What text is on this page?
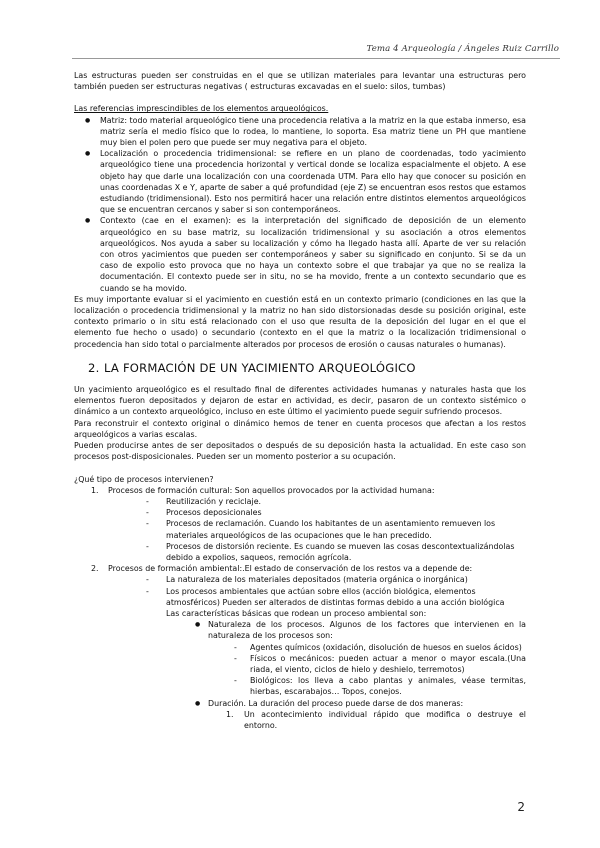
Tema 4 Arqueología / Ángeles Ruiz Carrillo

Las estructuras pueden ser construidas en el que se utilizan materiales para levantar una estructuras pero también pueden ser estructuras negativas ( estructuras excavadas en el suelo: silos, tumbas)

Las referencias imprescindibles de los elementos arqueológicos.

● Matriz: todo material arqueológico tiene una procedencia relativa a la matriz en la que estaba inmerso, esa matriz sería el medio físico que lo rodea, lo mantiene, lo soporta. Esa matriz tiene un PH que mantiene muy bien el polen pero que puede ser muy negativa para el objeto.
● Localización o procedencia tridimensional: se refiere en un plano de coordenadas, todo yacimiento arqueológico tiene una procedencia horizontal y vertical donde se localiza espacialmente el objeto. A ese objeto hay que darle una localización con una coordenada UTM. Para ello hay que conocer su posición en unas coordenadas X e Y, aparte de saber a qué profundidad (eje Z) se encuentran esos restos que estamos estudiando (tridimensional). Esto nos permitirá hacer una relación entre distintos elementos arqueológicos que se encuentran cercanos y saber si son contemporáneos.
● Contexto (cae en el examen): es la interpretación del significado de deposición de un elemento arqueológico en su base matriz, su localización tridimensional y su asociación a otros elementos arqueológicos. Nos ayuda a saber su localización y cómo ha llegado hasta allí. Aparte de ver su relación con otros yacimientos que pueden ser contemporáneos y saber su significado en conjunto. Si se da un caso de expolio esto provoca que no haya un contexto sobre el que trabajar ya que no se realiza la documentación. El contexto puede ser in situ, no se ha movido, frente a un contexto secundario que es cuando se ha movido.

Es muy importante evaluar si el yacimiento en cuestión está en un contexto primario (condiciones en las que la localización o procedencia tridimensional y la matriz no han sido distorsionadas desde su posición original, este contexto primario o in situ está relacionado con el uso que resulta de la deposición del lugar en el que el elemento fue hecho o usado) o secundario (contexto en el que la matriz o la localización tridimensional o procedencia han sido total o parcialmente alterados por procesos de erosión o causas naturales o humanas).

2. LA FORMACIÓN DE UN YACIMIENTO ARQUEOLÓGICO

Un yacimiento arqueológico es el resultado final de diferentes actividades humanas y naturales hasta que los elementos fueron depositados y dejaron de estar en actividad, es decir, pasaron de un contexto sistémico o dinámico a un contexto arqueológico, incluso en este último el yacimiento puede seguir sufriendo procesos.

Para reconstruir el contexto original o dinámico hemos de tener en cuenta procesos que afectan a los restos arqueológicos a varias escalas.

Pueden producirse antes de ser depositados o después de su deposición hasta la actualidad. En este caso son procesos post-disposicionales. Pueden ser un momento posterior a su ocupación.

¿Qué tipo de procesos intervienen?

1. Procesos de formación cultural: Son aquellos provocados por la actividad humana:
- Reutilización y reciclaje.
- Procesos deposicionales
- Procesos de reclamación. Cuando los habitantes de un asentamiento remueven los materiales arqueológicos de las ocupaciones que le han precedido.
- Procesos de distorsión reciente. Es cuando se mueven las cosas descontextualizándolas debido a expolios, saqueos, remoción agrícola.
2. Procesos de formación ambiental:.El estado de conservación de los restos va a depende de:
- La naturaleza de los materiales depositados (materia orgánica o inorgánica)
- Los procesos ambientales que actúan sobre ellos (acción biológica, elementos atmosféricos) Pueden ser alterados de distintas formas debido a una acción biológica
Las características básicas que rodean un proceso ambiental son:
● Naturaleza de los procesos. Algunos de los factores que intervienen en la naturaleza de los procesos son:
- Agentes químicos (oxidación, disolución de huesos en suelos ácidos)
- Físicos o mecánicos: pueden actuar a menor o mayor escala.(Una riada, el viento, ciclos de hielo y deshielo, terremotos)
- Biológicos: los lleva a cabo plantas y animales, véase termitas, hierbas, escarabajos… Topos, conejos.
● Duración. La duración del proceso puede darse de dos maneras:
1. Un acontecimiento individual rápido que modifica o destruye el entorno.
2
